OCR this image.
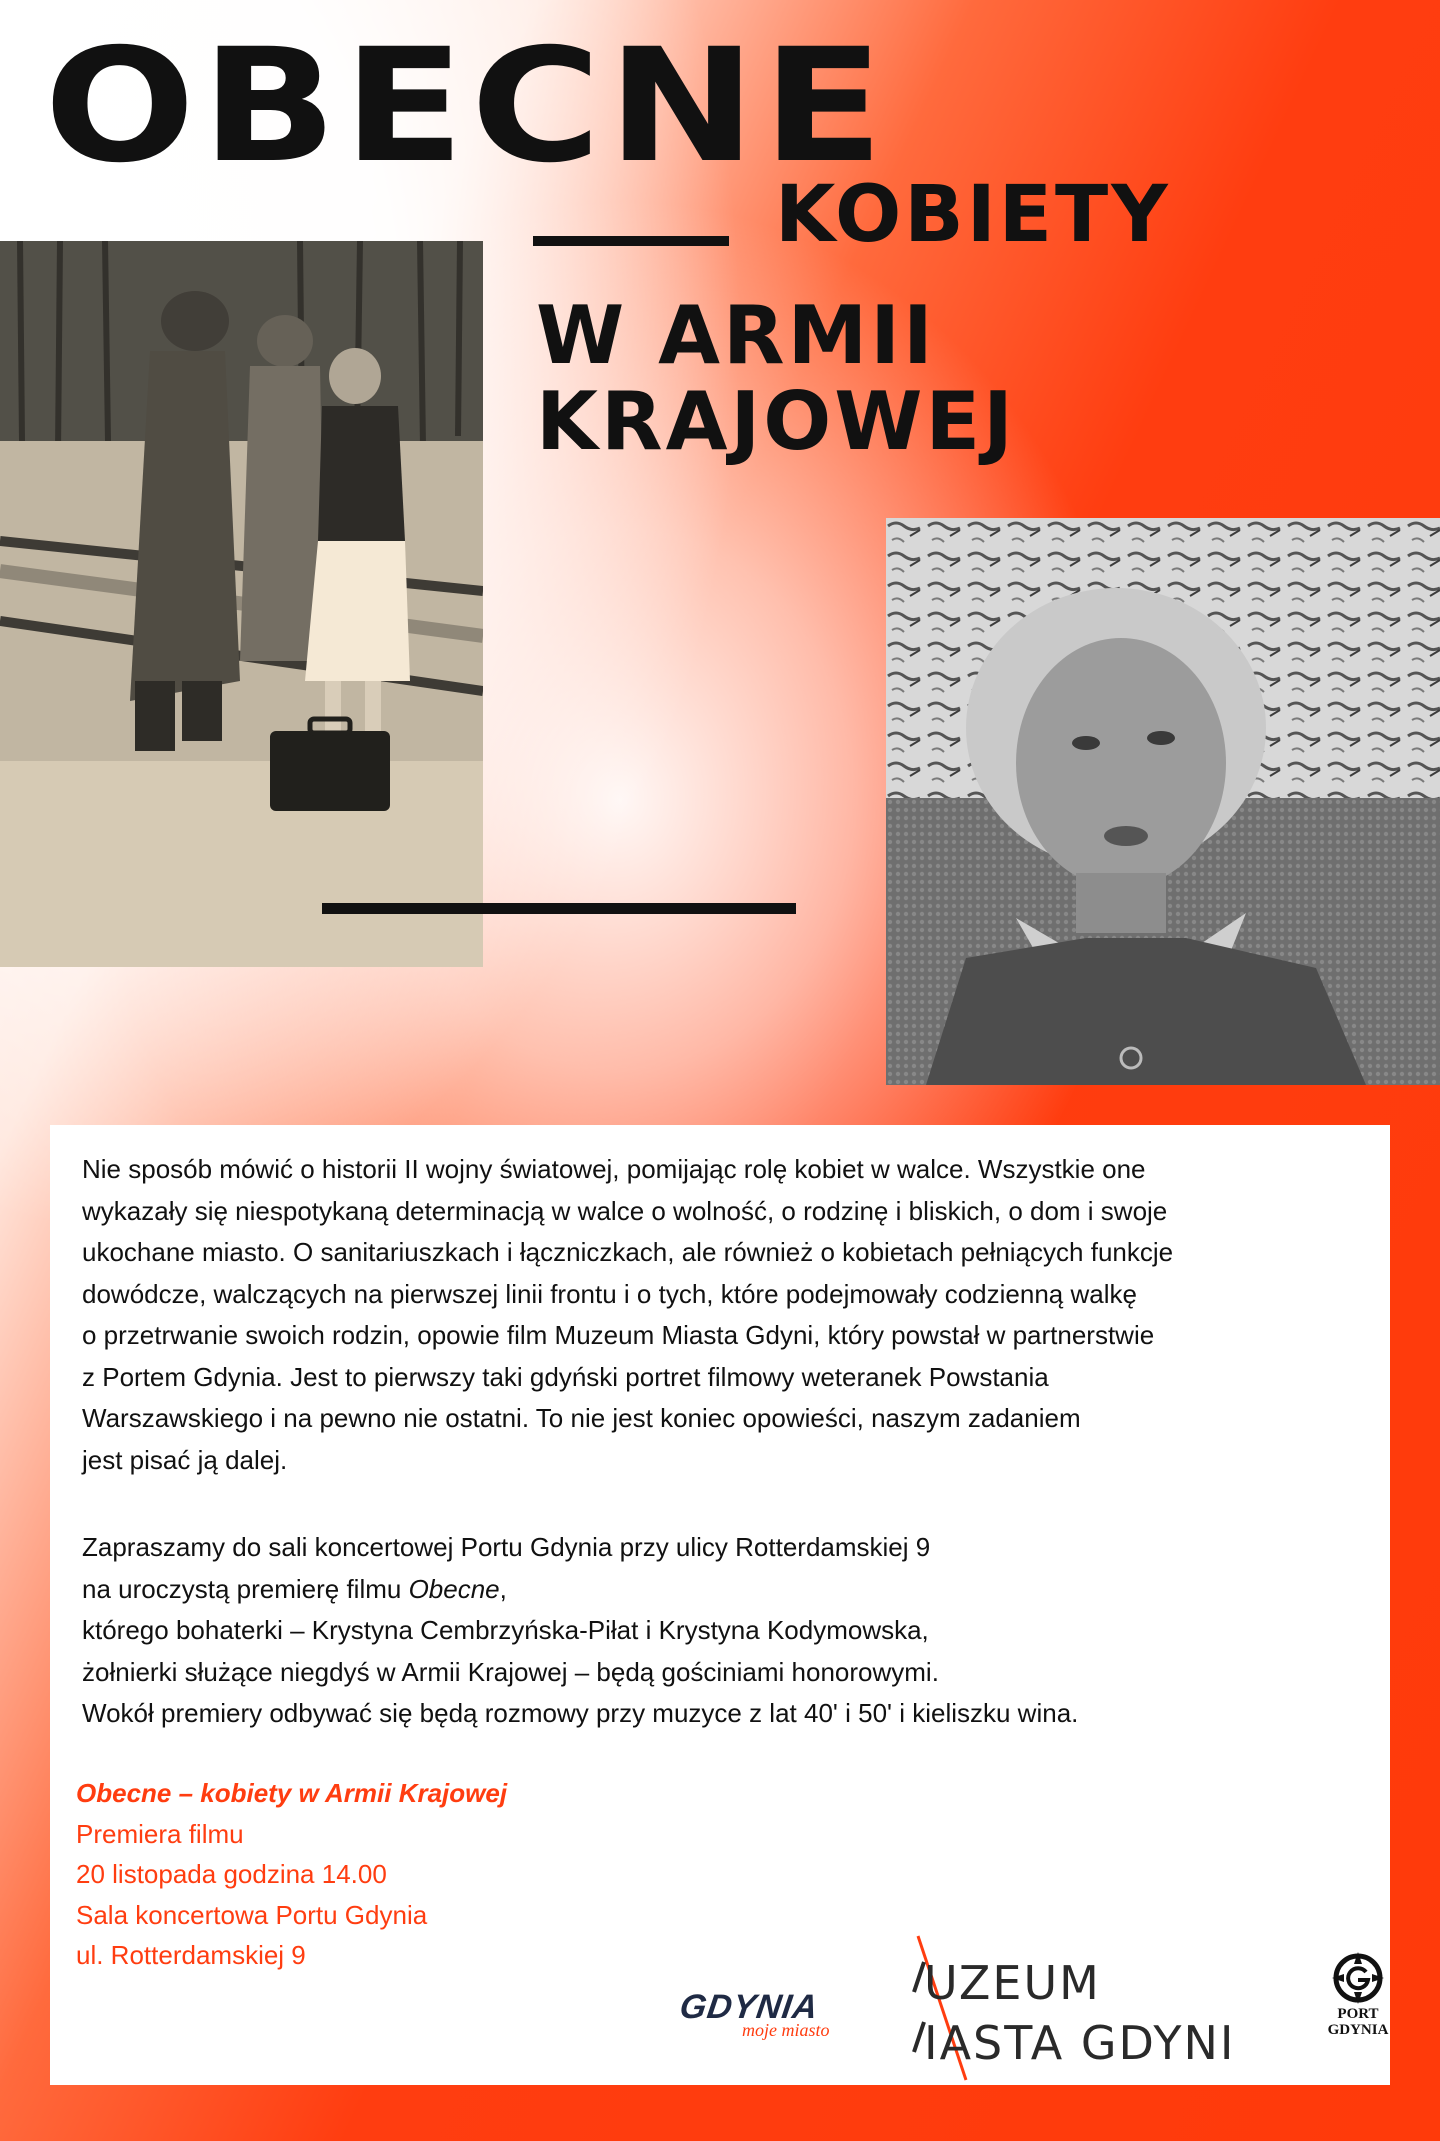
OBECNE
KOBIETY
W ARMII
KRAJOWEJ

Nie sposób mówić o historii II wojny światowej, pomijając rolę kobiet w walce. Wszystkie one
wykazały się niespotykaną determinacją w walce o wolność, o rodzinę i bliskich, o dom i swoje
ukochane miasto. O sanitariuszkach i łączniczkach, ale również o kobietach pełniących funkcje
dowódcze, walczących na pierwszej linii frontu i o tych, które podejmowały codzienną walkę
o przetrwanie swoich rodzin, opowie film Muzeum Miasta Gdyni, który powstał w partnerstwie
z Portem Gdynia. Jest to pierwszy taki gdyński portret filmowy weteranek Powstania
Warszawskiego i na pewno nie ostatni. To nie jest koniec opowieści, naszym zadaniem
jest pisać ją dalej.

Zapraszamy do sali koncertowej Portu Gdynia przy ulicy Rotterdamskiej 9
na uroczystą premierę filmu Obecne,
którego bohaterki – Krystyna Cembrzyńska-Piłat i Krystyna Kodymowska,
żołnierki służące niegdyś w Armii Krajowej – będą gościniami honorowymi.
Wokół premiery odbywać się będą rozmowy przy muzyce z lat 40' i 50' i kieliszku wina.

Obecne – kobiety w Armii Krajowej
Premiera filmu
20 listopada godzina 14.00
Sala koncertowa Portu Gdynia
ul. Rotterdamskiej 9

GDYNIA
moje miasto
UZEUM
IASTA GDYNI
PORT
GDYNIA
